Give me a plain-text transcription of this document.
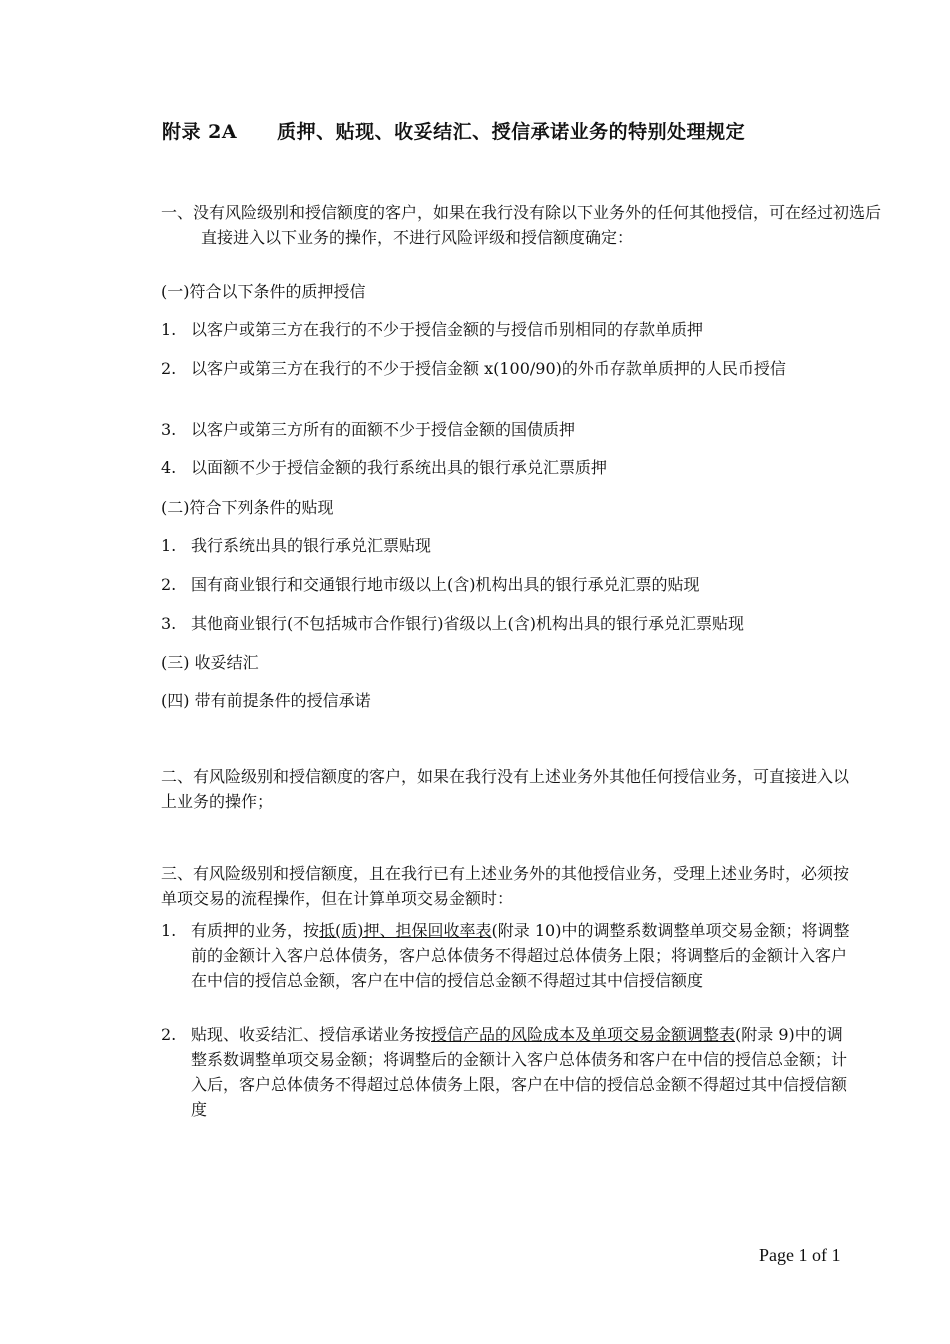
附录 2A 质押、贴现、收妥结汇、授信承诺业务的特别处理规定
一、没有风险级别和授信额度的客户，如果在我行没有除以下业务外的任何其他授信，可在经过初选后直接进入以下业务的操作，不进行风险评级和授信额度确定：
(一)符合以下条件的质押授信
1. 以客户或第三方在我行的不少于授信金额的与授信币别相同的存款单质押
2. 以客户或第三方在我行的不少于授信金额 x(100/90)的外币存款单质押的人民币授信
3. 以客户或第三方所有的面额不少于授信金额的国债质押
4. 以面额不少于授信金额的我行系统出具的银行承兑汇票质押
(二)符合下列条件的贴现
1. 我行系统出具的银行承兑汇票贴现
2. 国有商业银行和交通银行地市级以上(含)机构出具的银行承兑汇票的贴现
3. 其他商业银行(不包括城市合作银行)省级以上(含)机构出具的银行承兑汇票贴现
(三) 收妥结汇
(四) 带有前提条件的授信承诺
二、有风险级别和授信额度的客户，如果在我行没有上述业务外其他任何授信业务，可直接进入以上业务的操作；
三、有风险级别和授信额度，且在我行已有上述业务外的其他授信业务，受理上述业务时，必须按单项交易的流程操作，但在计算单项交易金额时：
1. 有质押的业务，按抵(质)押、担保回收率表(附录 10)中的调整系数调整单项交易金额；将调整前的金额计入客户总体债务，客户总体债务不得超过总体债务上限；将调整后的金额计入客户在中信的授信总金额，客户在中信的授信总金额不得超过其中信授信额度
2. 贴现、收妥结汇、授信承诺业务按授信产品的风险成本及单项交易金额调整表(附录 9)中的调整系数调整单项交易金额；将调整后的金额计入客户总体债务和客户在中信的授信总金额；计入后，客户总体债务不得超过总体债务上限，客户在中信的授信总金额不得超过其中信授信额度
Page 1 of 1
